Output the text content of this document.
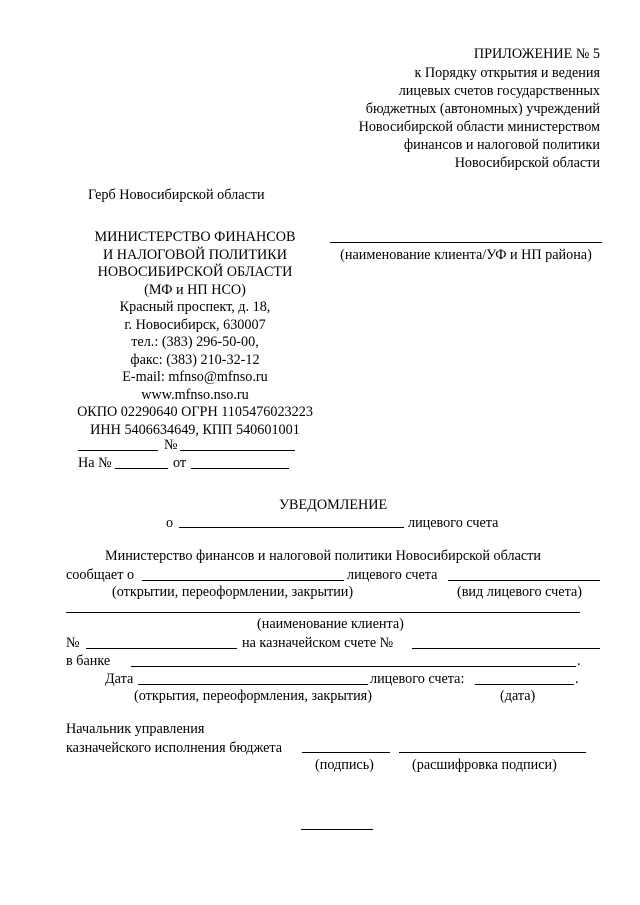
ПРИЛОЖЕНИЕ № 5
к Порядку открытия и ведения
лицевых счетов государственных
бюджетных (автономных) учреждений
Новосибирской области министерством
финансов и налоговой политики
Новосибирской области
Герб Новосибирской области
МИНИСТЕРСТВО ФИНАНСОВ
И НАЛОГОВОЙ ПОЛИТИКИ
НОВОСИБИРСКОЙ ОБЛАСТИ
(МФ и НП НСО)
Красный проспект, д. 18,
г. Новосибирск, 630007
тел.: (383) 296-50-00,
факс: (383) 210-32-12
E-mail: mfnso@mfnso.ru
www.mfnso.nso.ru
ОКПО 02290640 ОГРН 1105476023223
ИНН 5406634649, КПП 540601001
№
На №	от
(наименование клиента/УФ и НП района)
УВЕДОМЛЕНИЕ
о	лицевого счета
Министерство финансов и налоговой политики Новосибирской области
сообщает о	лицевого счета
(открытии, переоформлении, закрытии)	(вид лицевого счета)
(наименование клиента)
№	на казначейском счете №
в банке	.
Дата	лицевого счета:	.
(открытия, переоформления, закрытия)	(дата)
Начальник управления
казначейского исполнения бюджета
(подпись)	(расшифровка подписи)
